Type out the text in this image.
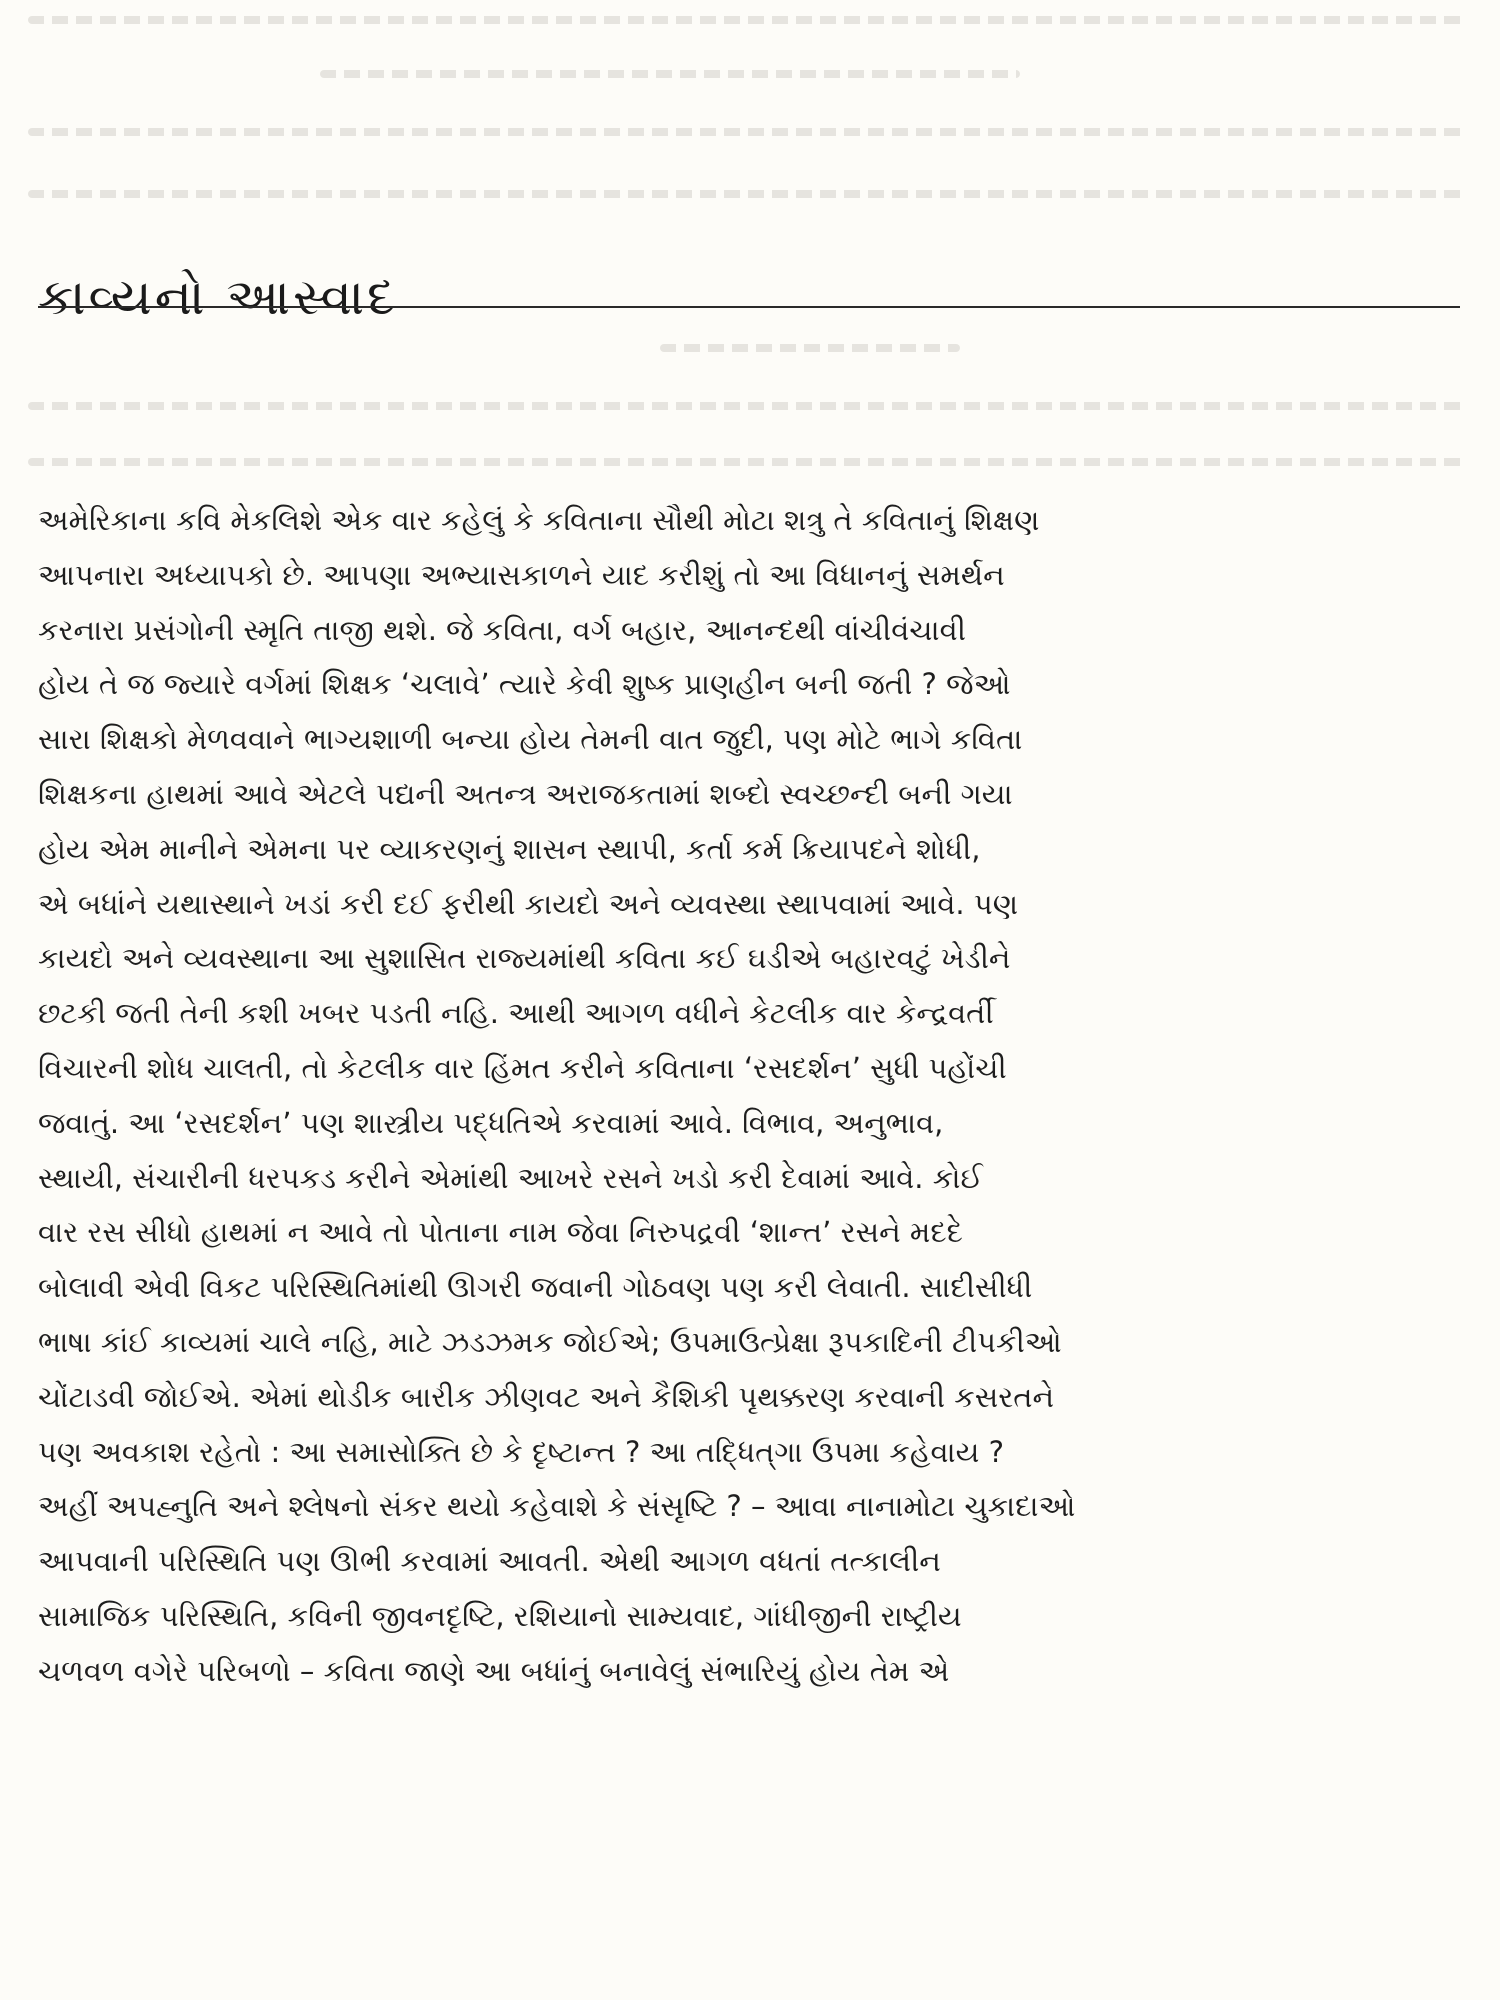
કાવ્યનો આસ્વાદ
અમેરિકાના કવિ મેકલિશે એક વાર કહેલું કે કવિતાના સૌથી મોટા શત્રુ તે કવિતાનું શિક્ષણ
આપનારા અધ્યાપકો છે. આપણા અભ્યાસકાળને યાદ કરીશું તો આ વિધાનનું સમર્થન
કરનારા પ્રસંગોની સ્મૃતિ તાજી થશે. જે કવિતા, વર્ગ બહાર, આનન્દથી વાંચીવંચાવી
હોય તે જ જ્યારે વર્ગમાં શિક્ષક ‘ચલાવે’ ત્યારે કેવી શુષ્ક પ્રાણહીન બની જતી ? જેઓ
સારા શિક્ષકો મેળવવાને ભાગ્યશાળી બન્યા હોય તેમની વાત જુદી, પણ મોટે ભાગે કવિતા
શિક્ષકના હાથમાં આવે એટલે પદ્યની અતન્ત્ર અરાજકતામાં શબ્દો સ્વચ્છન્દી બની ગયા
હોય એમ માનીને એમના પર વ્યાકરણનું શાસન સ્થાપી, કર્તા કર્મ ક્રિયાપદને શોધી,
એ બધાંને યથાસ્થાને ખડાં કરી દઈ ફરીથી કાયદો અને વ્યવસ્થા સ્થાપવામાં આવે. પણ
કાયદો અને વ્યવસ્થાના આ સુશાસિત રાજ્યમાંથી કવિતા કઈ ઘડીએ બહારવટું ખેડીને
છટકી જતી તેની કશી ખબર પડતી નહિ. આથી આગળ વધીને કેટલીક વાર કેન્દ્રવર્તી
વિચારની શોધ ચાલતી, તો કેટલીક વાર હિંમત કરીને કવિતાના ‘રસદર્શન’ સુધી પહોંચી
જવાતું. આ ‘રસદર્શન’ પણ શાસ્ત્રીય પદ્ધતિએ કરવામાં આવે. વિભાવ, અનુભાવ,
સ્થાયી, સંચારીની ધરપકડ કરીને એમાંથી આખરે રસને ખડો કરી દેવામાં આવે. કોઈ
વાર રસ સીધો હાથમાં ન આવે તો પોતાના નામ જેવા નિરુપદ્રવી ‘શાન્ત’ રસને મદદે
બોલાવી એવી વિકટ પરિસ્થિતિમાંથી ઊગરી જવાની ગોઠવણ પણ કરી લેવાતી. સાદીસીધી
ભાષા કાંઈ કાવ્યમાં ચાલે નહિ, માટે ઝડઝમક જોઈએ; ઉપમાઉત્પ્રેક્ષા રૂપકાદિની ટીપકીઓ
ચોંટાડવી જોઈએ. એમાં થોડીક બારીક ઝીણવટ અને કૈશિકી પૃથક્કરણ કરવાની કસરતને
પણ અવકાશ રહેતો : આ સમાસોક્તિ છે કે દૃષ્ટાન્ત ? આ તદ્ધિત્‌ગા ઉપમા કહેવાય ?
અહીં અપહ્નુતિ અને શ્લેષનો સંકર થયો કહેવાશે કે સંસૃષ્ટિ ? – આવા નાનામોટા ચુકાદાઓ
આપવાની પરિસ્થિતિ પણ ઊભી કરવામાં આવતી. એથી આગળ વધતાં તત્કાલીન
સામાજિક પરિસ્થિતિ, કવિની જીવનદૃષ્ટિ, રશિયાનો સામ્યવાદ, ગાંધીજીની રાષ્ટ્રીય
ચળવળ વગેરે પરિબળો – કવિતા જાણે આ બધાંનું બનાવેલું સંભારિયું હોય તેમ એ
